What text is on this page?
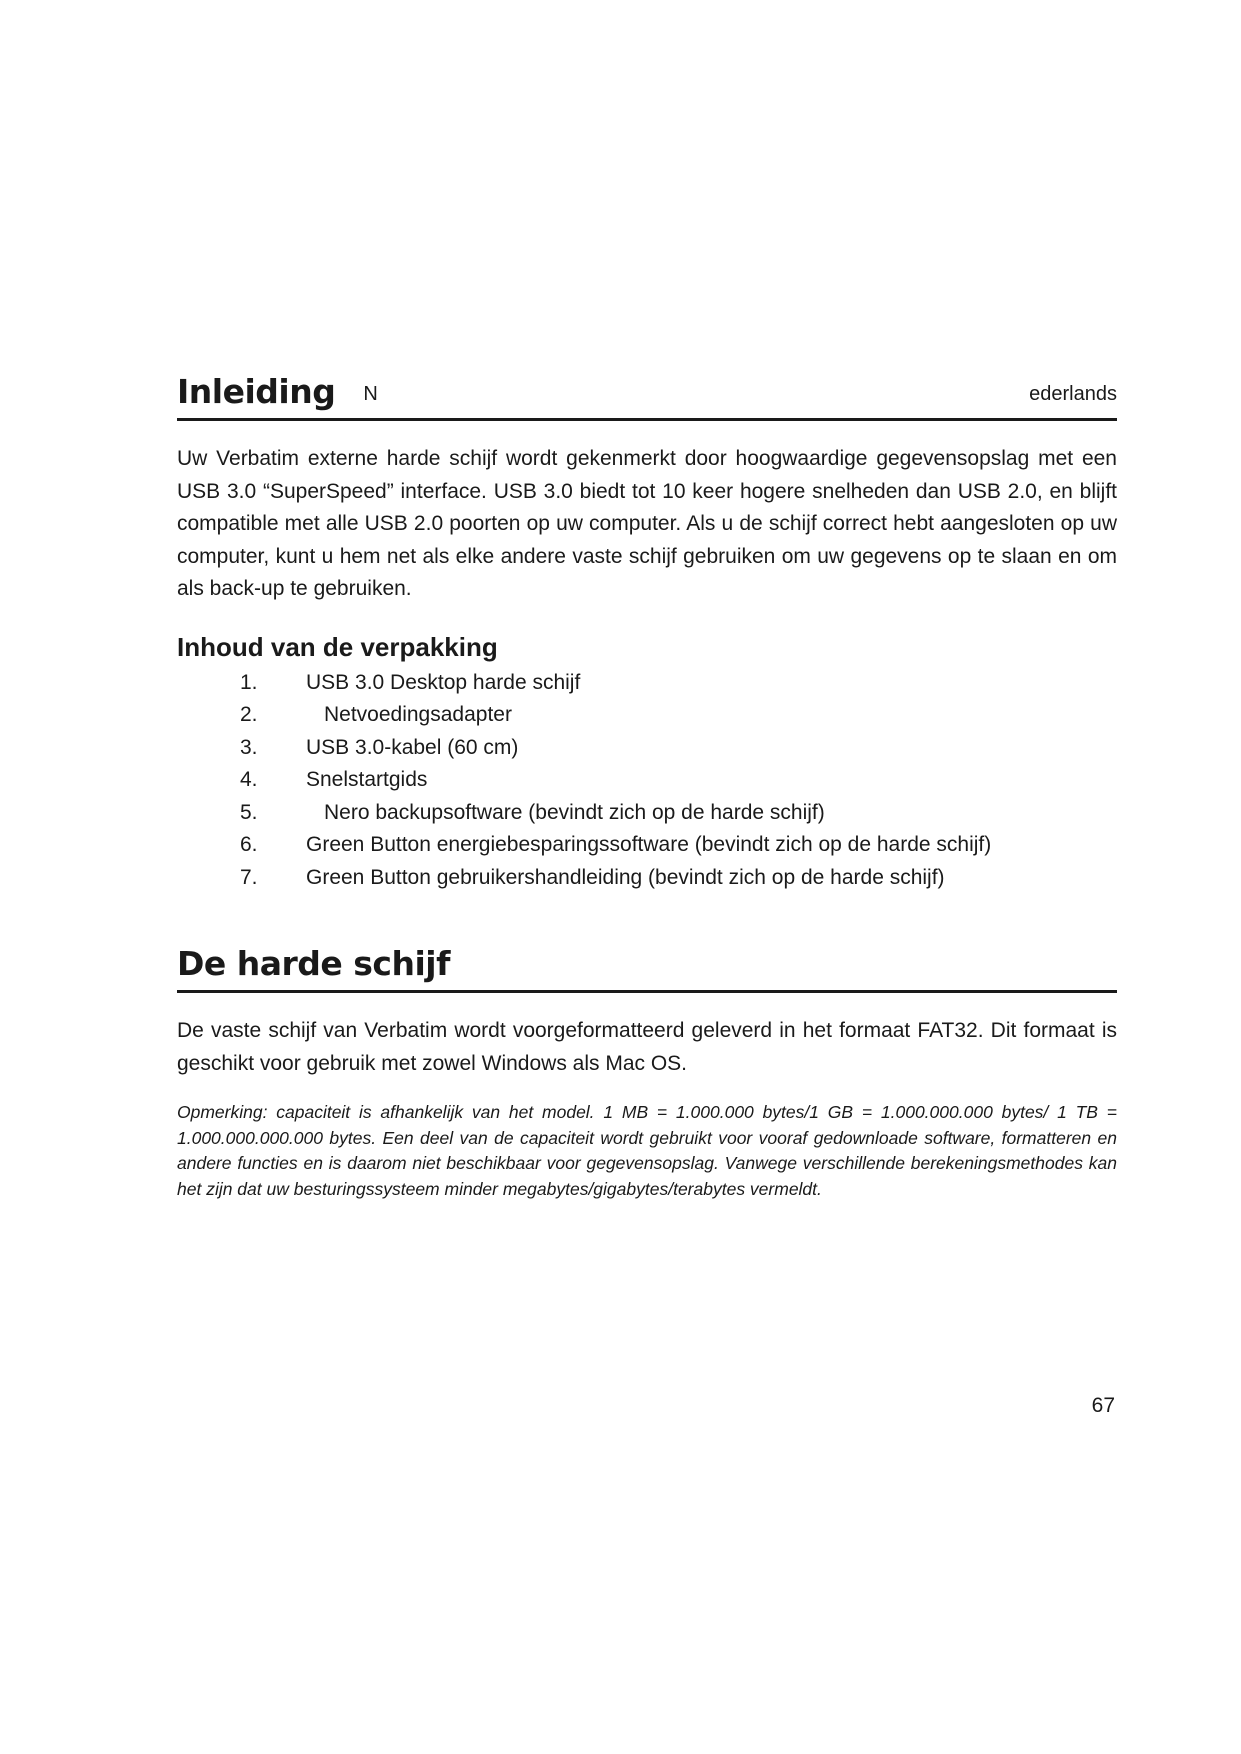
Inleiding N	ederlands

Uw Verbatim externe harde schijf wordt gekenmerkt door hoogwaardige gegevensopslag met een USB 3.0 “SuperSpeed” interface. USB 3.0 biedt tot 10 keer hogere snelheden dan USB 2.0, en blijft compatible met alle USB 2.0 poorten op uw computer. Als u de schijf correct hebt aangesloten op uw computer, kunt u hem net als elke andere vaste schijf gebruiken om uw gegevens op te slaan en om als back-up te gebruiken.

Inhoud van de verpakking
1.	USB 3.0 Desktop harde schijf
2.	Netvoedingsadapter
3.	USB 3.0-kabel (60 cm)
4.	Snelstartgids
5.	Nero backupsoftware (bevindt zich op de harde schijf)
6.	Green Button energiebesparingssoftware (bevindt zich op de harde schijf)
7.	Green Button gebruikershandleiding (bevindt zich op de harde schijf)
De harde schijf

De vaste schijf van Verbatim wordt voorgeformatteerd geleverd in het formaat FAT32. Dit formaat is geschikt voor gebruik met zowel Windows als Mac OS.

Opmerking: capaciteit is afhankelijk van het model. 1 MB = 1.000.000 bytes/1 GB = 1.000.000.000 bytes/ 1 TB = 1.000.000.000.000 bytes. Een deel van de capaciteit wordt gebruikt voor vooraf gedownloade software, formatteren en andere functies en is daarom niet beschikbaar voor gegevensopslag. Vanwege verschillende berekeningsmethodes kan het zijn dat uw besturingssysteem minder megabytes/gigabytes/terabytes vermeldt.

67
